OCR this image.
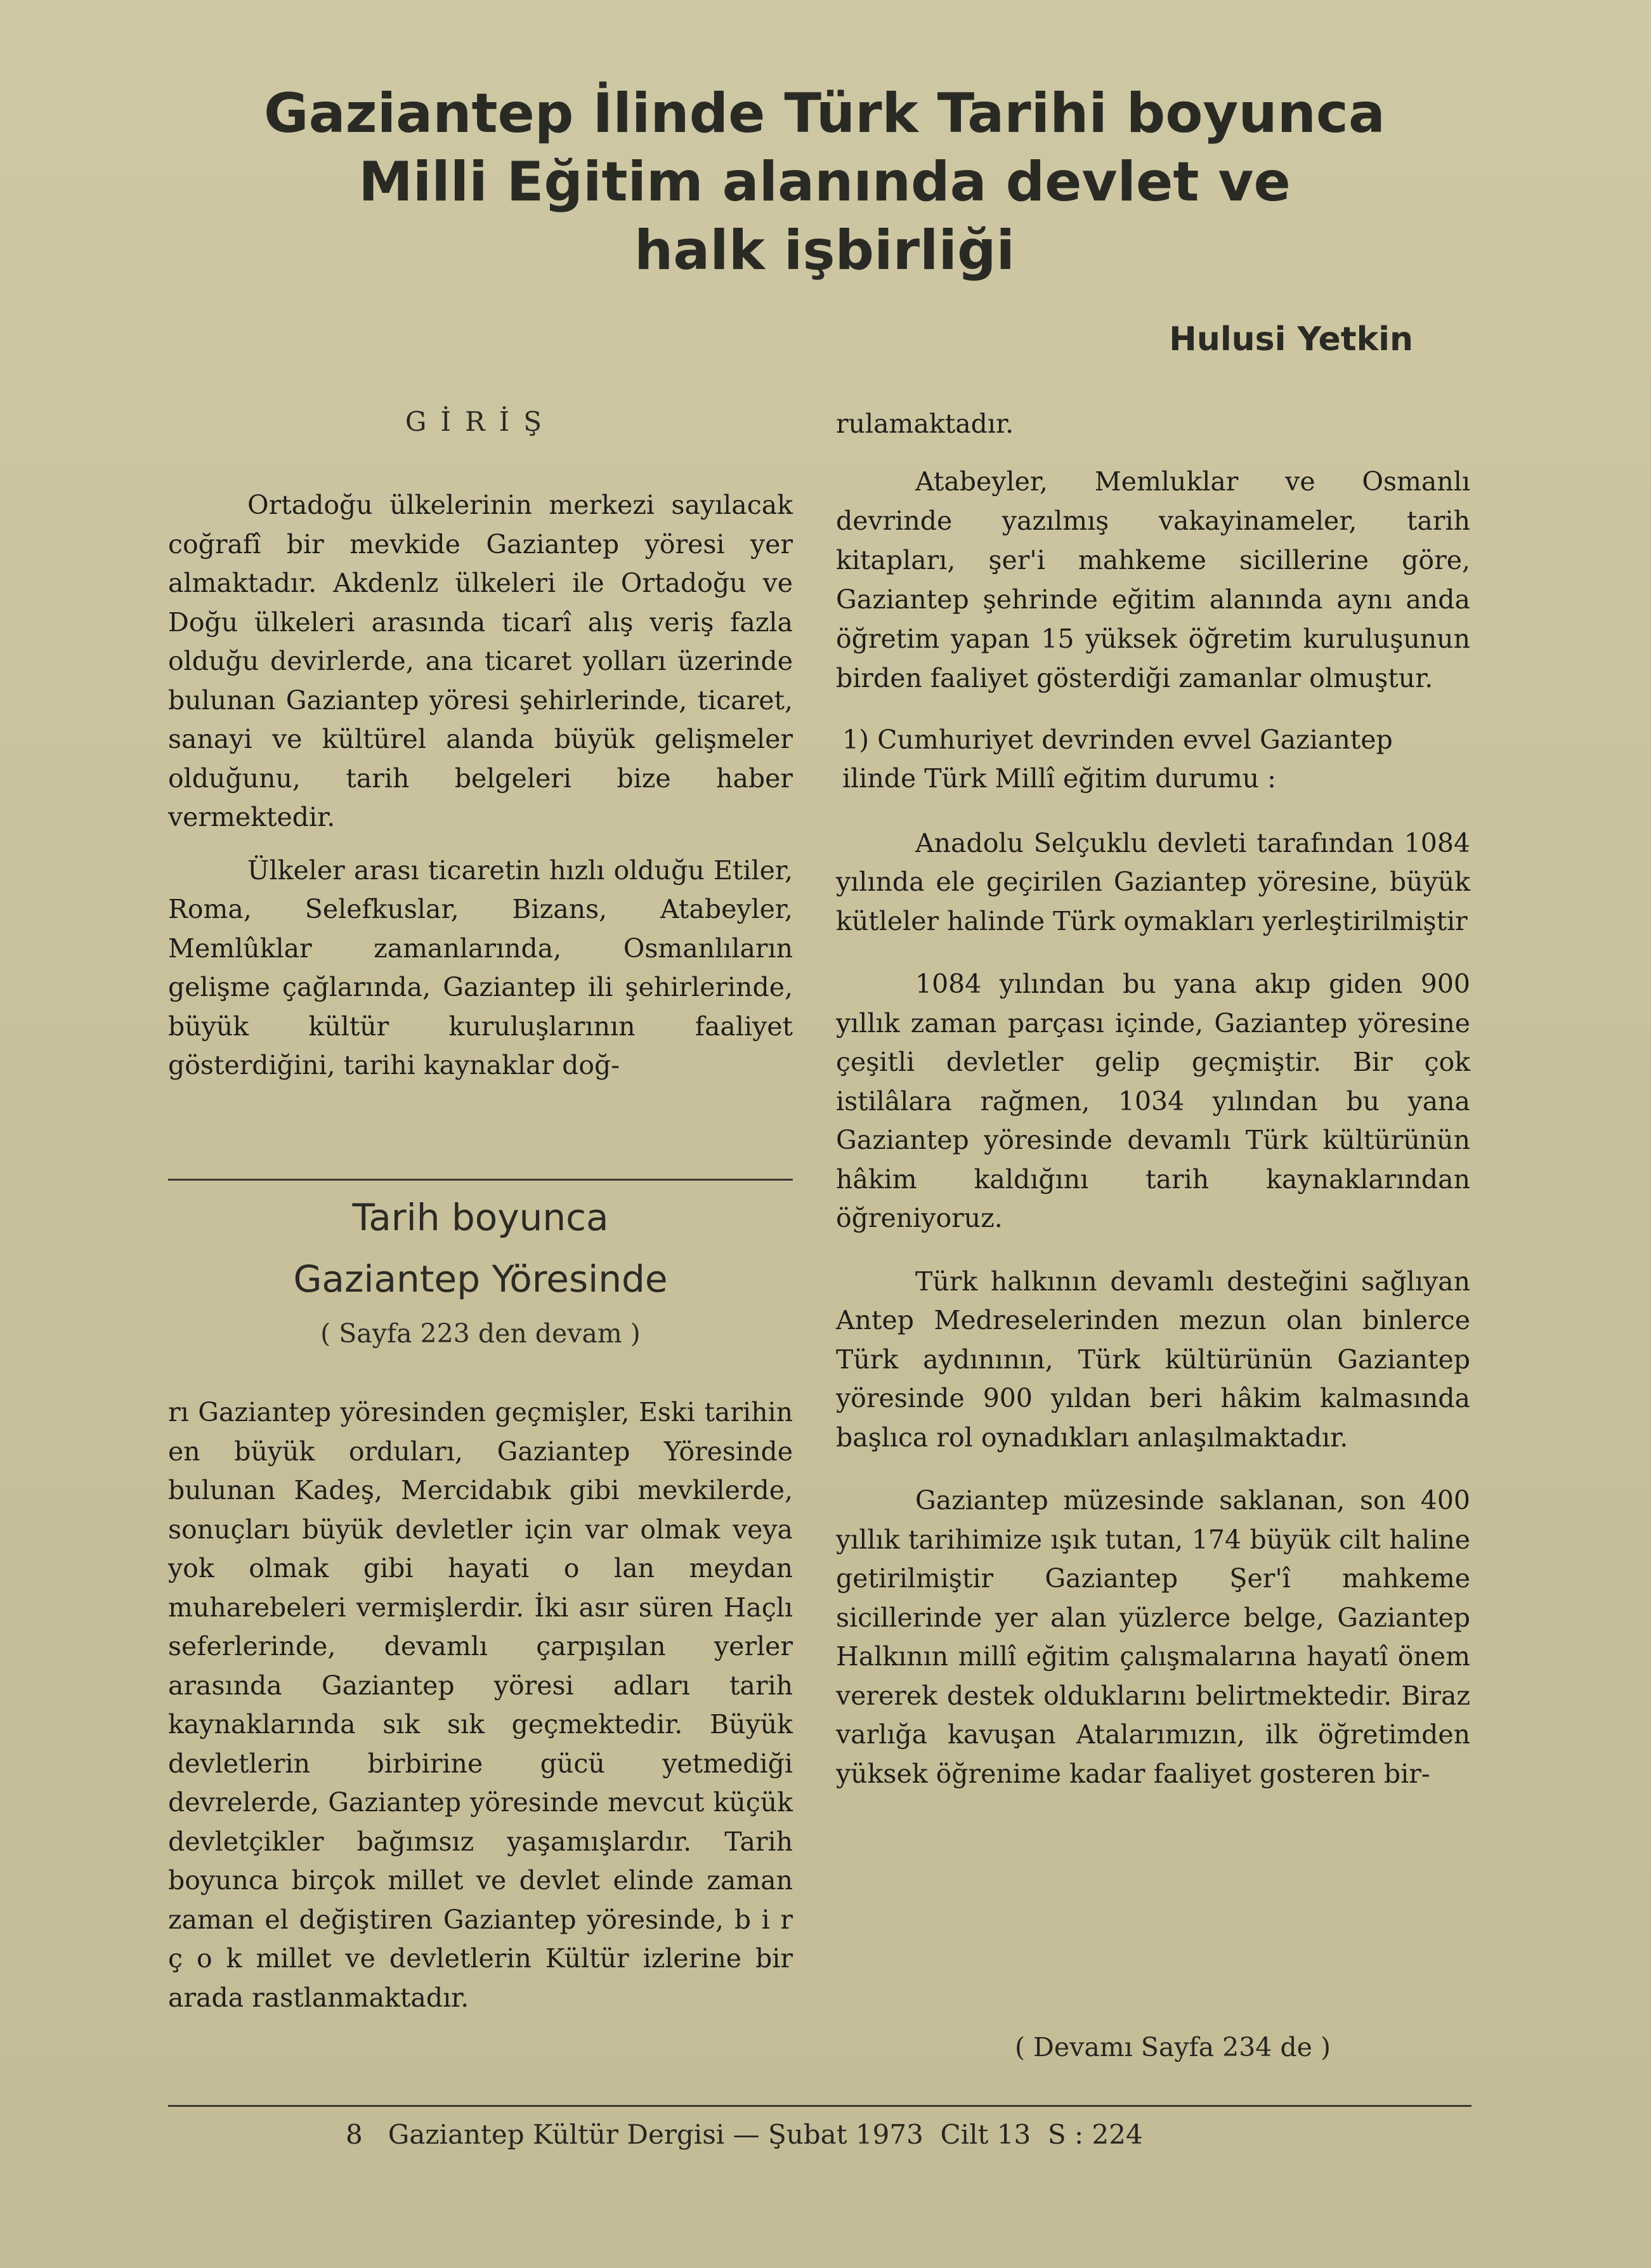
Gaziantep İlinde Türk Tarihi boyunca
Milli Eğitim alanında devlet ve
halk işbirliği
Hulusi Yetkin
GİRİŞ

Ortadoğu ülkelerinin merkezi sayılacak coğrafî bir mevkide Gaziantep yöresi yer almaktadır. Akdenlz ülkeleri ile Ortadoğu ve Doğu ülkeleri arasında ticarî alış veriş fazla olduğu devirlerde, ana ticaret yolları üzerinde bulunan Gaziantep yöresi şehirlerinde, ticaret, sanayi ve kültürel alanda büyük gelişmeler olduğunu, tarih belgeleri bize haber vermektedir.

Ülkeler arası ticaretin hızlı olduğu Etiler, Roma, Selefkuslar, Bizans, Atabeyler, Memlûklar zamanlarında, Osmanlıların gelişme çağlarında, Gaziantep ili şehirlerinde, büyük kültür kuruluşlarının faaliyet gösterdiğini, tarihi kaynaklar doğ-

Tarih boyunca
Gaziantep Yöresinde
( Sayfa 223 den devam )

rı Gaziantep yöresinden geçmişler, Eski tarihin en büyük orduları, Gaziantep Yöresinde bulunan Kadeş, Mercidabık gibi mevkilerde, sonuçları büyük devletler için var olmak veya yok olmak gibi hayati o lan meydan muharebeleri vermişlerdir. İki asır süren Haçlı seferlerinde, devamlı çarpışılan yerler arasında Gaziantep yöresi adları tarih kaynaklarında sık sık geçmektedir. Büyük devletlerin birbirine gücü yetmediği devrelerde, Gaziantep yöresinde mevcut küçük devletçikler bağımsız yaşamışlardır. Tarih boyunca birçok millet ve devlet elinde zaman zaman el değiştiren Gaziantep yöresinde, b i r ç o k millet ve devletlerin Kültür izlerine bir arada rastlanmaktadır.

rulamaktadır.

Atabeyler, Memluklar ve Osmanlı devrinde yazılmış vakayinameler, tarih kitapları, şer'i mahkeme sicillerine göre, Gaziantep şehrinde eğitim alanında aynı anda öğretim yapan 15 yüksek öğretim kuruluşunun birden faaliyet gösterdiği zamanlar olmuştur.

1) Cumhuriyet devrinden evvel Gaziantep ilinde Türk Millî eğitim durumu :

Anadolu Selçuklu devleti tarafından 1084 yılında ele geçirilen Gaziantep yöresine, büyük kütleler halinde Türk oymakları yerleştirilmiştir

1084 yılından bu yana akıp giden 900 yıllık zaman parçası içinde, Gaziantep yöresine çeşitli devletler gelip geçmiştir. Bir çok istilâlara rağmen, 1034 yılından bu yana Gaziantep yöresinde devamlı Türk kültürünün hâkim kaldığını tarih kaynaklarından öğreniyoruz.

Türk halkının devamlı desteğini sağlıyan Antep Medreselerinden mezun olan binlerce Türk aydınının, Türk kültürünün Gaziantep yöresinde 900 yıldan beri hâkim kalmasında başlıca rol oynadıkları anlaşılmaktadır.

Gaziantep müzesinde saklanan, son 400 yıllık tarihimize ışık tutan, 174 büyük cilt haline getirilmiştir Gaziantep Şer'î mahkeme sicillerinde yer alan yüzlerce belge, Gaziantep Halkının millî eğitim çalışmalarına hayatî önem vererek destek olduklarını belirtmektedir. Biraz varlığa kavuşan Atalarımızın, ilk öğretimden yüksek öğrenime kadar faaliyet gosteren bir-

( Devamı Sayfa 234 de )
8 Gaziantep Kültür Dergisi — Şubat 1973 Cilt 13 S : 224
